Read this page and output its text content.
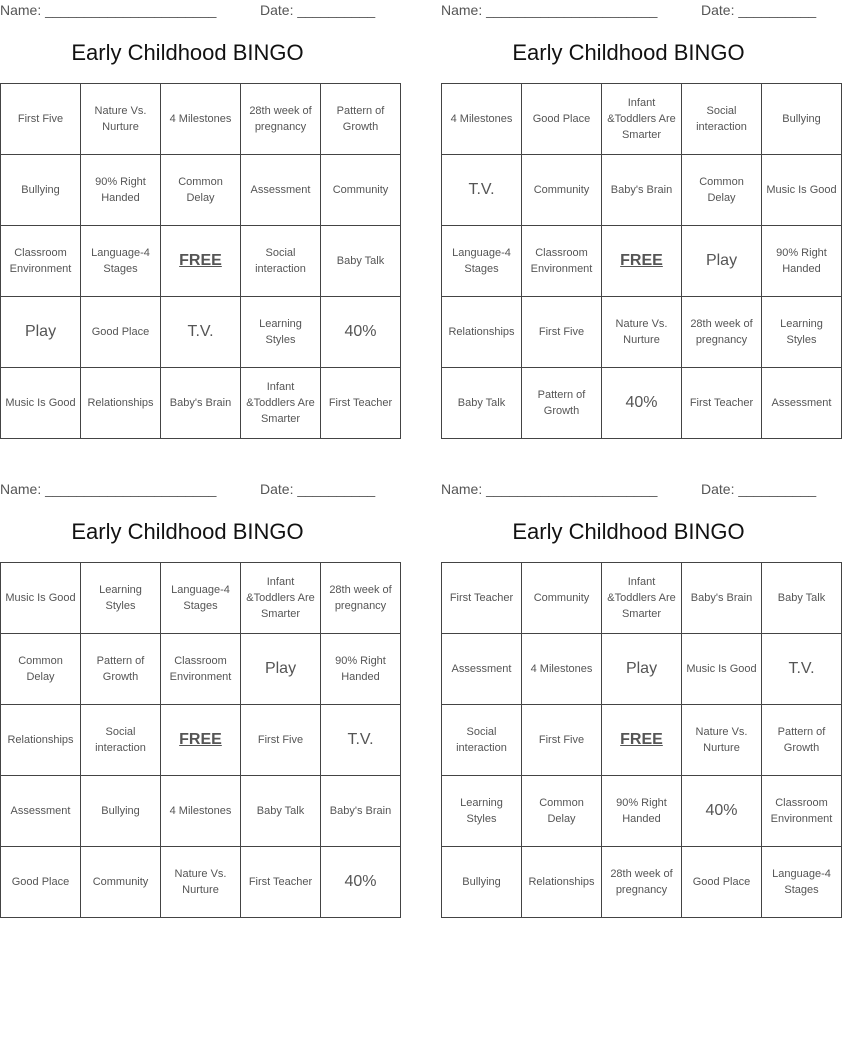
Name: ______________________	Date: __________
Early Childhood BINGO
First Five	Nature Vs. Nurture	4 Milestones	28th week of pregnancy	Pattern of Growth
Bullying	90% Right Handed	Common Delay	Assessment	Community
Classroom Environment	Language-4 Stages	FREE	Social interaction	Baby Talk
Play	Good Place	T.V.	Learning Styles	40%
Music Is Good	Relationships	Baby's Brain	Infant &Toddlers Are Smarter	First Teacher
Name: ______________________	Date: __________
Early Childhood BINGO
4 Milestones	Good Place	Infant &Toddlers Are Smarter	Social interaction	Bullying
T.V.	Community	Baby's Brain	Common Delay	Music Is Good
Language-4 Stages	Classroom Environment	FREE	Play	90% Right Handed
Relationships	First Five	Nature Vs. Nurture	28th week of pregnancy	Learning Styles
Baby Talk	Pattern of Growth	40%	First Teacher	Assessment
Name: ______________________	Date: __________
Early Childhood BINGO
Music Is Good	Learning Styles	Language-4 Stages	Infant &Toddlers Are Smarter	28th week of pregnancy
Common Delay	Pattern of Growth	Classroom Environment	Play	90% Right Handed
Relationships	Social interaction	FREE	First Five	T.V.
Assessment	Bullying	4 Milestones	Baby Talk	Baby's Brain
Good Place	Community	Nature Vs. Nurture	First Teacher	40%
Name: ______________________	Date: __________
Early Childhood BINGO
First Teacher	Community	Infant &Toddlers Are Smarter	Baby's Brain	Baby Talk
Assessment	4 Milestones	Play	Music Is Good	T.V.
Social interaction	First Five	FREE	Nature Vs. Nurture	Pattern of Growth
Learning Styles	Common Delay	90% Right Handed	40%	Classroom Environment
Bullying	Relationships	28th week of pregnancy	Good Place	Language-4 Stages
